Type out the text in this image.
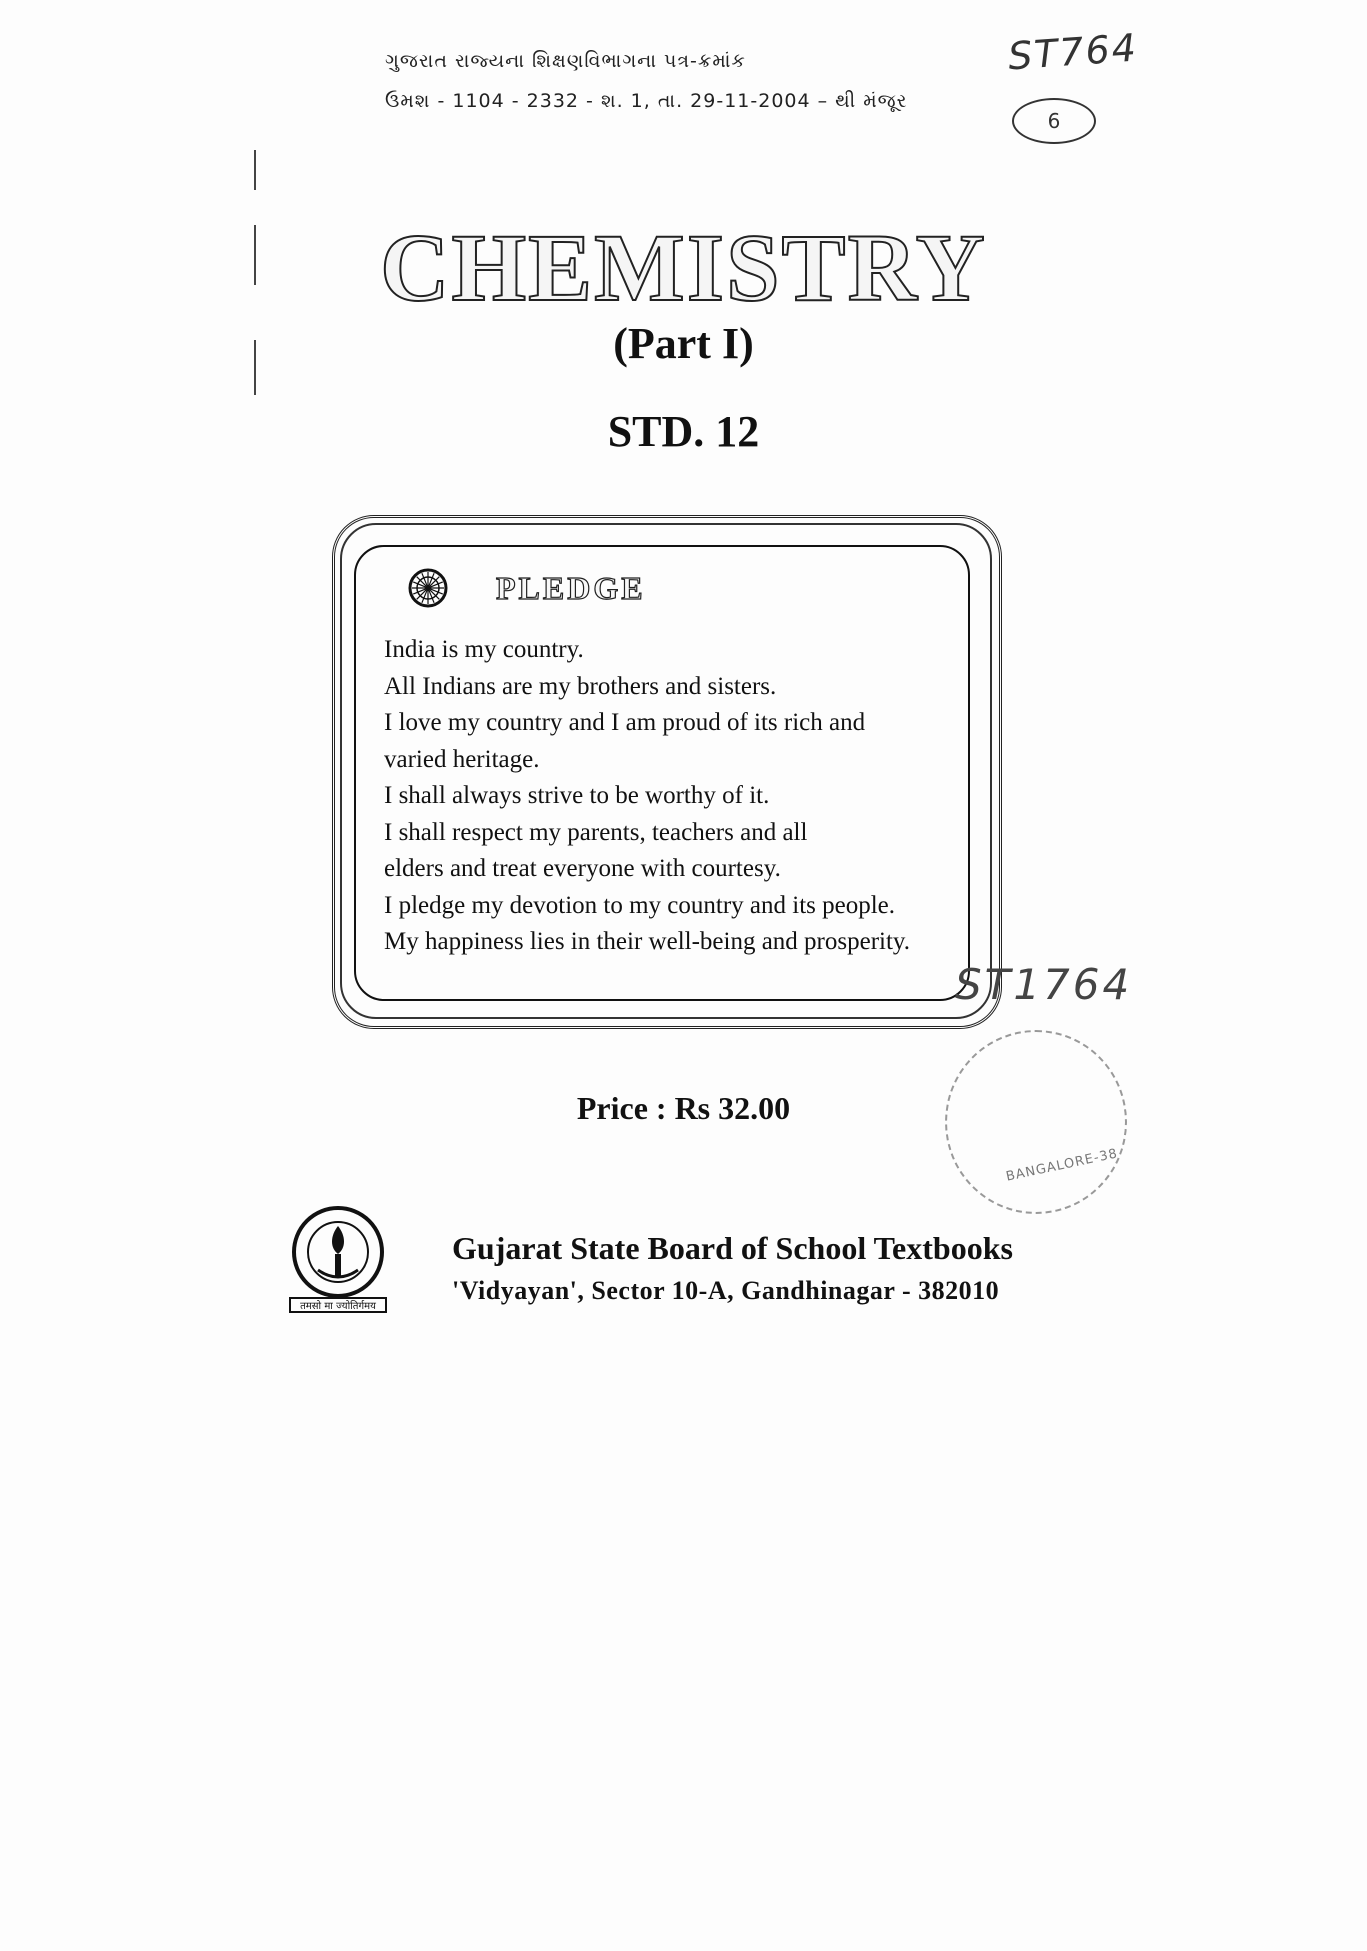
ગુજરાત રાજ્યના શિક્ષણવિભાગના પત્ર-ક્રમાંક
ઉમશ - 1104 - 2332 - શ. 1, તા. 29-11-2004 – થી મંજૂર
ST764
6
CHEMISTRY
(Part I)
STD. 12
PLEDGE
India is my country.
All Indians are my brothers and sisters.
I love my country and I am proud of its rich and
varied heritage.
I shall always strive to be worthy of it.
I shall respect my parents, teachers and all
elders and treat everyone with courtesy.
I pledge my devotion to my country and its people.
My happiness lies in their well-being and prosperity.
ST1764
BANGALORE-38
Price : Rs 32.00
तमसो मा ज्योतिर्गमय
Gujarat State Board of School Textbooks
'Vidyayan', Sector 10-A, Gandhinagar - 382010
